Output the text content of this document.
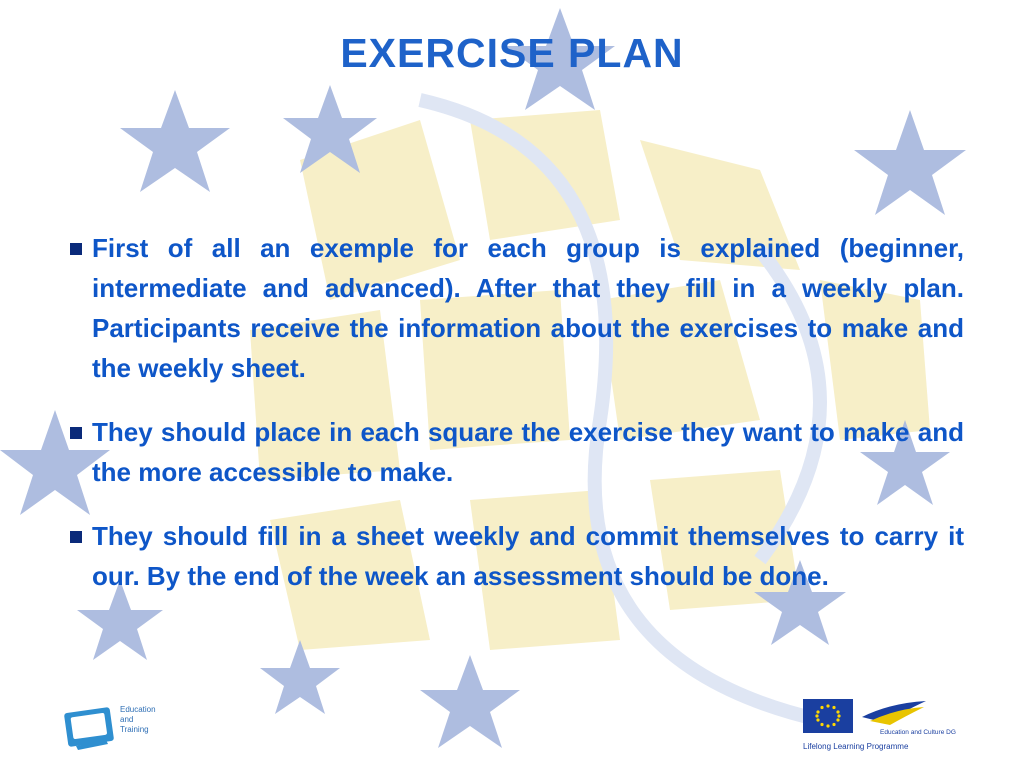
EXERCISE PLAN
First of all an exemple for each group is explained (beginner, intermediate and advanced). After that they fill in a weekly plan. Participants receive the information about the exercises to make and the weekly sheet.
They should place in each square the exercise they want to make and the more accessible to make.
They should fill in a sheet weekly and commit themselves to carry it our. By the end of the week an assessment should be done.
Education
and
Training	Education and Culture DG
Lifelong Learning Programme
